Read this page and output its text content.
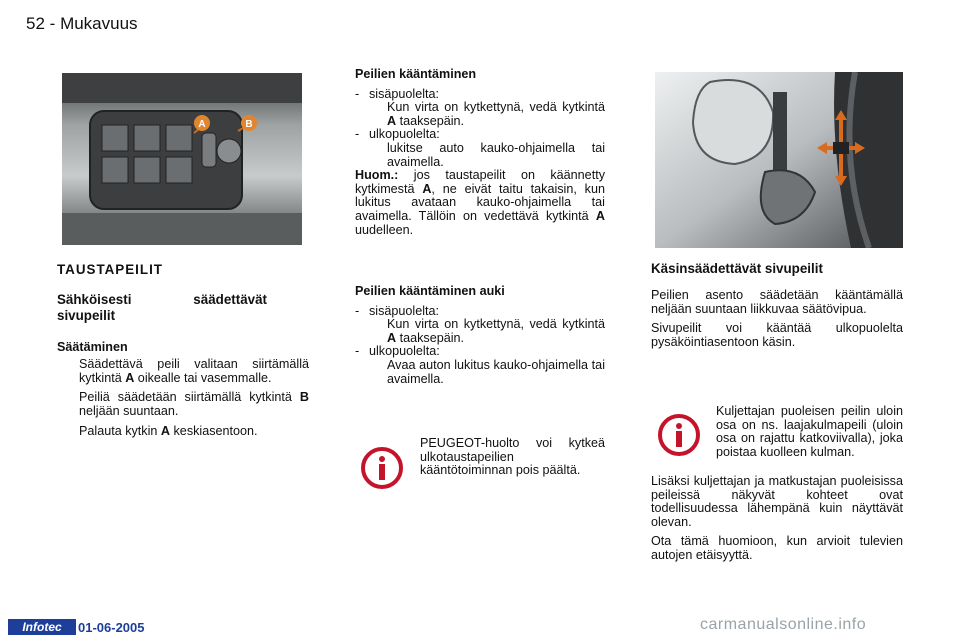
52 - Mukavuus
A	B
TAUSTAPEILIT
Sähköisesti säädettävät sivupeilit
Säätäminen
Säädettävä peili valitaan siirtämällä kytkintä A oikealle tai vasemmalle.
Peiliä säädetään siirtämällä kytkintä B neljään suuntaan.
Palauta kytkin A keskiasentoon.
Peilien kääntäminen
- sisäpuolelta:
Kun virta on kytkettynä, vedä kytkintä A taaksepäin.
- ulkopuolelta:
lukitse auto kauko-ohjaimella tai avaimella.
Huom.: jos taustapeilit on käännetty kytkimestä A, ne eivät taitu takaisin, kun lukitus avataan kauko-ohjaimella tai avaimella. Tällöin on vedettävä kytkintä A uudelleen.
Peilien kääntäminen auki
- sisäpuolelta:
Kun virta on kytkettynä, vedä kytkintä A taaksepäin.
- ulkopuolelta:
Avaa auton lukitus kauko-ohjaimella tai avaimella.
PEUGEOT-huolto voi kytkeä ulkotaustapeilien kääntötoiminnan pois päältä.
Käsinsäädettävät sivupeilit

Peilien asento säädetään kääntämällä neljään suuntaan liikkuvaa säätövipua.

Sivupeilit voi kääntää ulkopuolelta pysäköintiasentoon käsin.

Kuljettajan puoleisen peilin uloin osa on ns. laajakulmapeili (uloin osa on rajattu katkoviivalla), joka poistaa kuolleen kulman.

Lisäksi kuljettajan ja matkustajan puoleisissa peileissä näkyvät kohteet ovat todellisuudessa lähempänä kuin näyttävät olevan.

Ota tämä huomioon, kun arvioit tulevien autojen etäisyyttä.

Infotec	01-06-2005	carmanualsonline.info
